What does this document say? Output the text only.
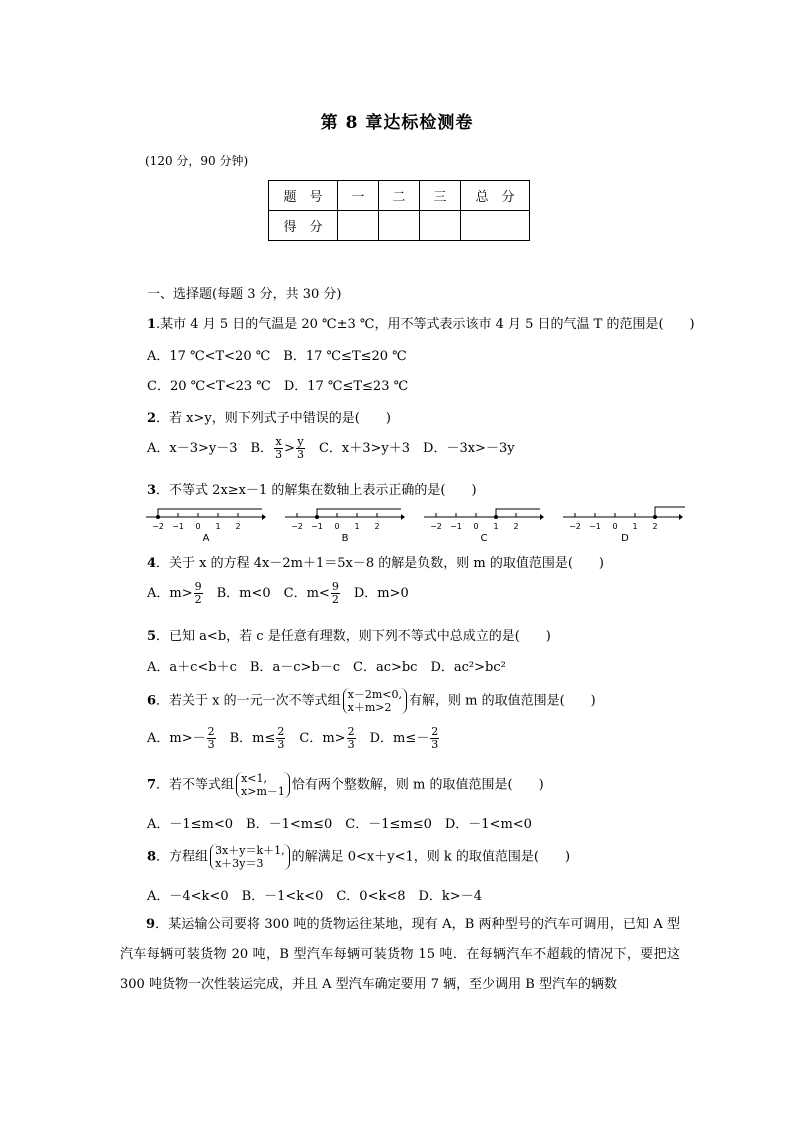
第 8 章达标检测卷
(120 分，90 分钟)
题　号	一	二	三	总　分
得　分				
一、选择题(每题 3 分，共 30 分)
1.某市 4 月 5 日的气温是 20 ℃±3 ℃，用不等式表示该市 4 月 5 日的气温 T 的范围是(　　)
A．17 ℃<T<20 ℃　B．17 ℃≤T≤20 ℃
C．20 ℃<T<23 ℃　D．17 ℃≤T≤23 ℃
2．若 x>y，则下列式子中错误的是(　　)
A．x－3>y－3　B． $\frac{x}{3} > \frac{y}{3}$ 　C．x＋3>y＋3　D．－3x>－3y
3．不等式 2x≥x－1 的解集在数轴上表示正确的是(　　)
−2 −1 0 1 2
A
−2 −1 0 1 2
B
−2 −1 0 1 2
C
−2 −1 0 1 2
D
4．关于 x 的方程 4x－2m＋1＝5x－8 的解是负数，则 m 的取值范围是(　　)
A．$m> \frac{9}{2}$ 　B．m<0　C．$m< \frac{9}{2}$ 　D．m>0
5．已知 a<b，若 c 是任意有理数，则下列不等式中总成立的是(　　)
A．a＋c<b＋c　B．a－c>b－c　C．ac>bc　D．ac²>bc²
6．若关于 x 的一元一次不等式组 x－2m<0,
x＋m>2	有解，则 m 的取值范围是(　　)
A．$m>- \frac{2}{3}$ 　B．$m\le \frac{2}{3}$ 　C．$m> \frac{2}{3}$ 　D．$m\le- \frac{2}{3}$
7．若不等式组 x<1,
x>m－1 恰有两个整数解，则 m 的取值范围是(　　)
A．－1≤m<0　B．－1<m≤0　C．－1≤m≤0　D．－1<m<0
8．方程组 3x＋y＝k＋1,
x＋3y＝3	的解满足 0<x＋y<1，则 k 的取值范围是(　　)
A．－4<k<0　B．－1<k<0　C．0<k<8　D．k>－4
9．某运输公司要将 300 吨的货物运往某地，现有 A，B 两种型号的汽车可调用，已知 A 型汽车每辆可装货物 20 吨，B 型汽车每辆可装货物 15 吨．在每辆汽车不超载的情况下，要把这 300 吨货物一次性装运完成，并且 A 型汽车确定要用 7 辆，至少调用 B 型汽车的辆数
